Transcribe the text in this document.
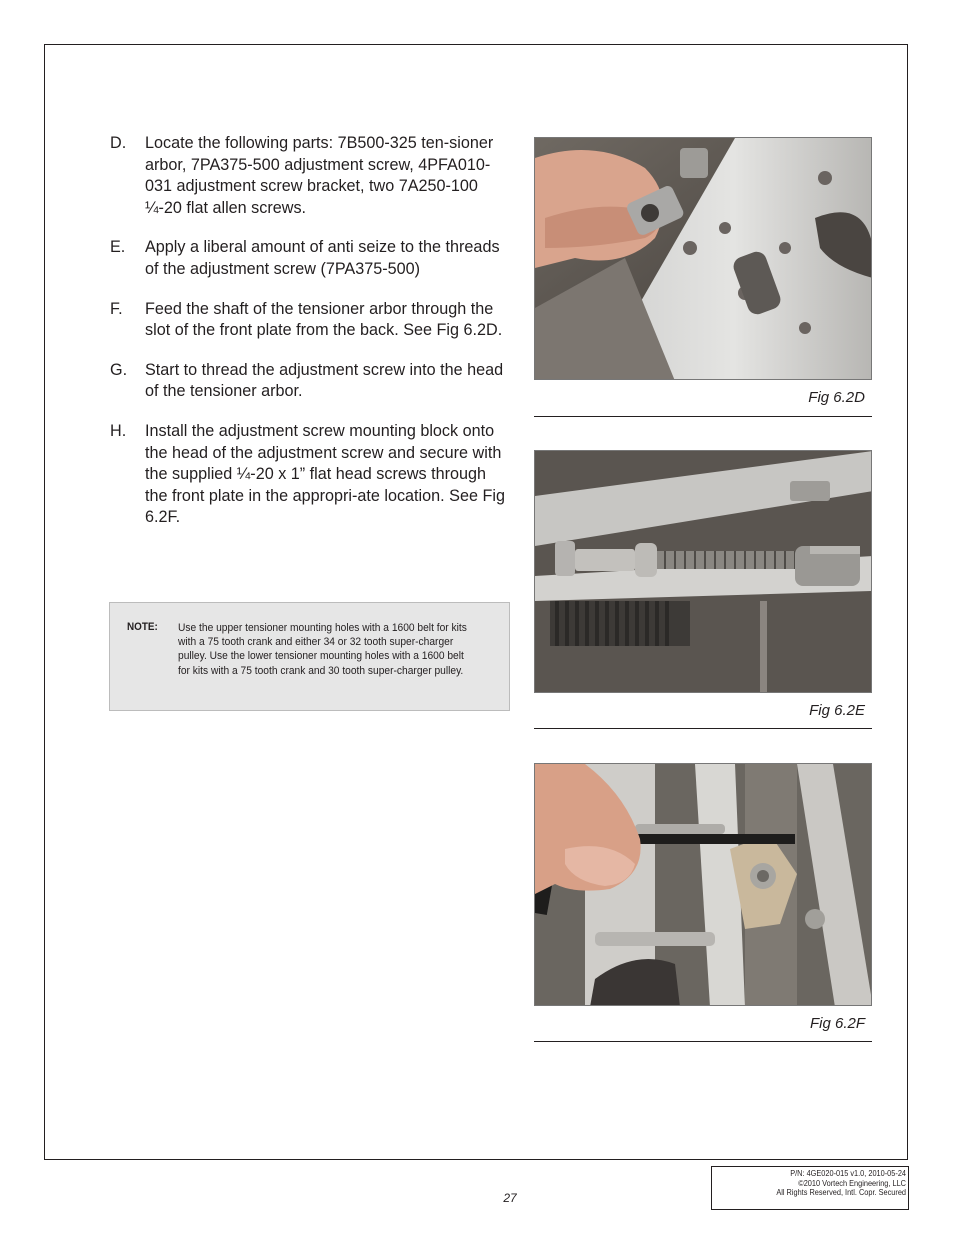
D.	Locate the following parts: 7B500-325 ten-sioner arbor, 7PA375-500 adjustment screw, 4PFA010-031 adjustment screw bracket, two 7A250-100 ¼-20 flat allen screws.
E.	Apply a liberal amount of anti seize to the threads of the adjustment screw (7PA375-500)
F.	Feed the shaft of the tensioner arbor through the slot of the front plate from the back. See Fig 6.2D.
G.	Start to thread the adjustment screw into the head of the tensioner arbor.
H.	Install the adjustment screw mounting block onto the head of the adjustment screw and secure with the supplied ¼-20 x 1” flat head screws through the front plate in the appropri-ate location. See Fig 6.2F.
NOTE:	Use the upper tensioner mounting holes with a 1600 belt for kits with a 75 tooth crank and either 34 or 32 tooth super-charger pulley. Use the lower tensioner mounting holes with a 1600 belt for kits with a 75 tooth crank and 30 tooth super-charger pulley.
Fig 6.2D
Fig 6.2E
Fig 6.2F
27
P/N: 4GE020-015 v1.0, 2010-05-24
©2010 Vortech Engineering, LLC
All Rights Reserved, Intl. Copr. Secured
